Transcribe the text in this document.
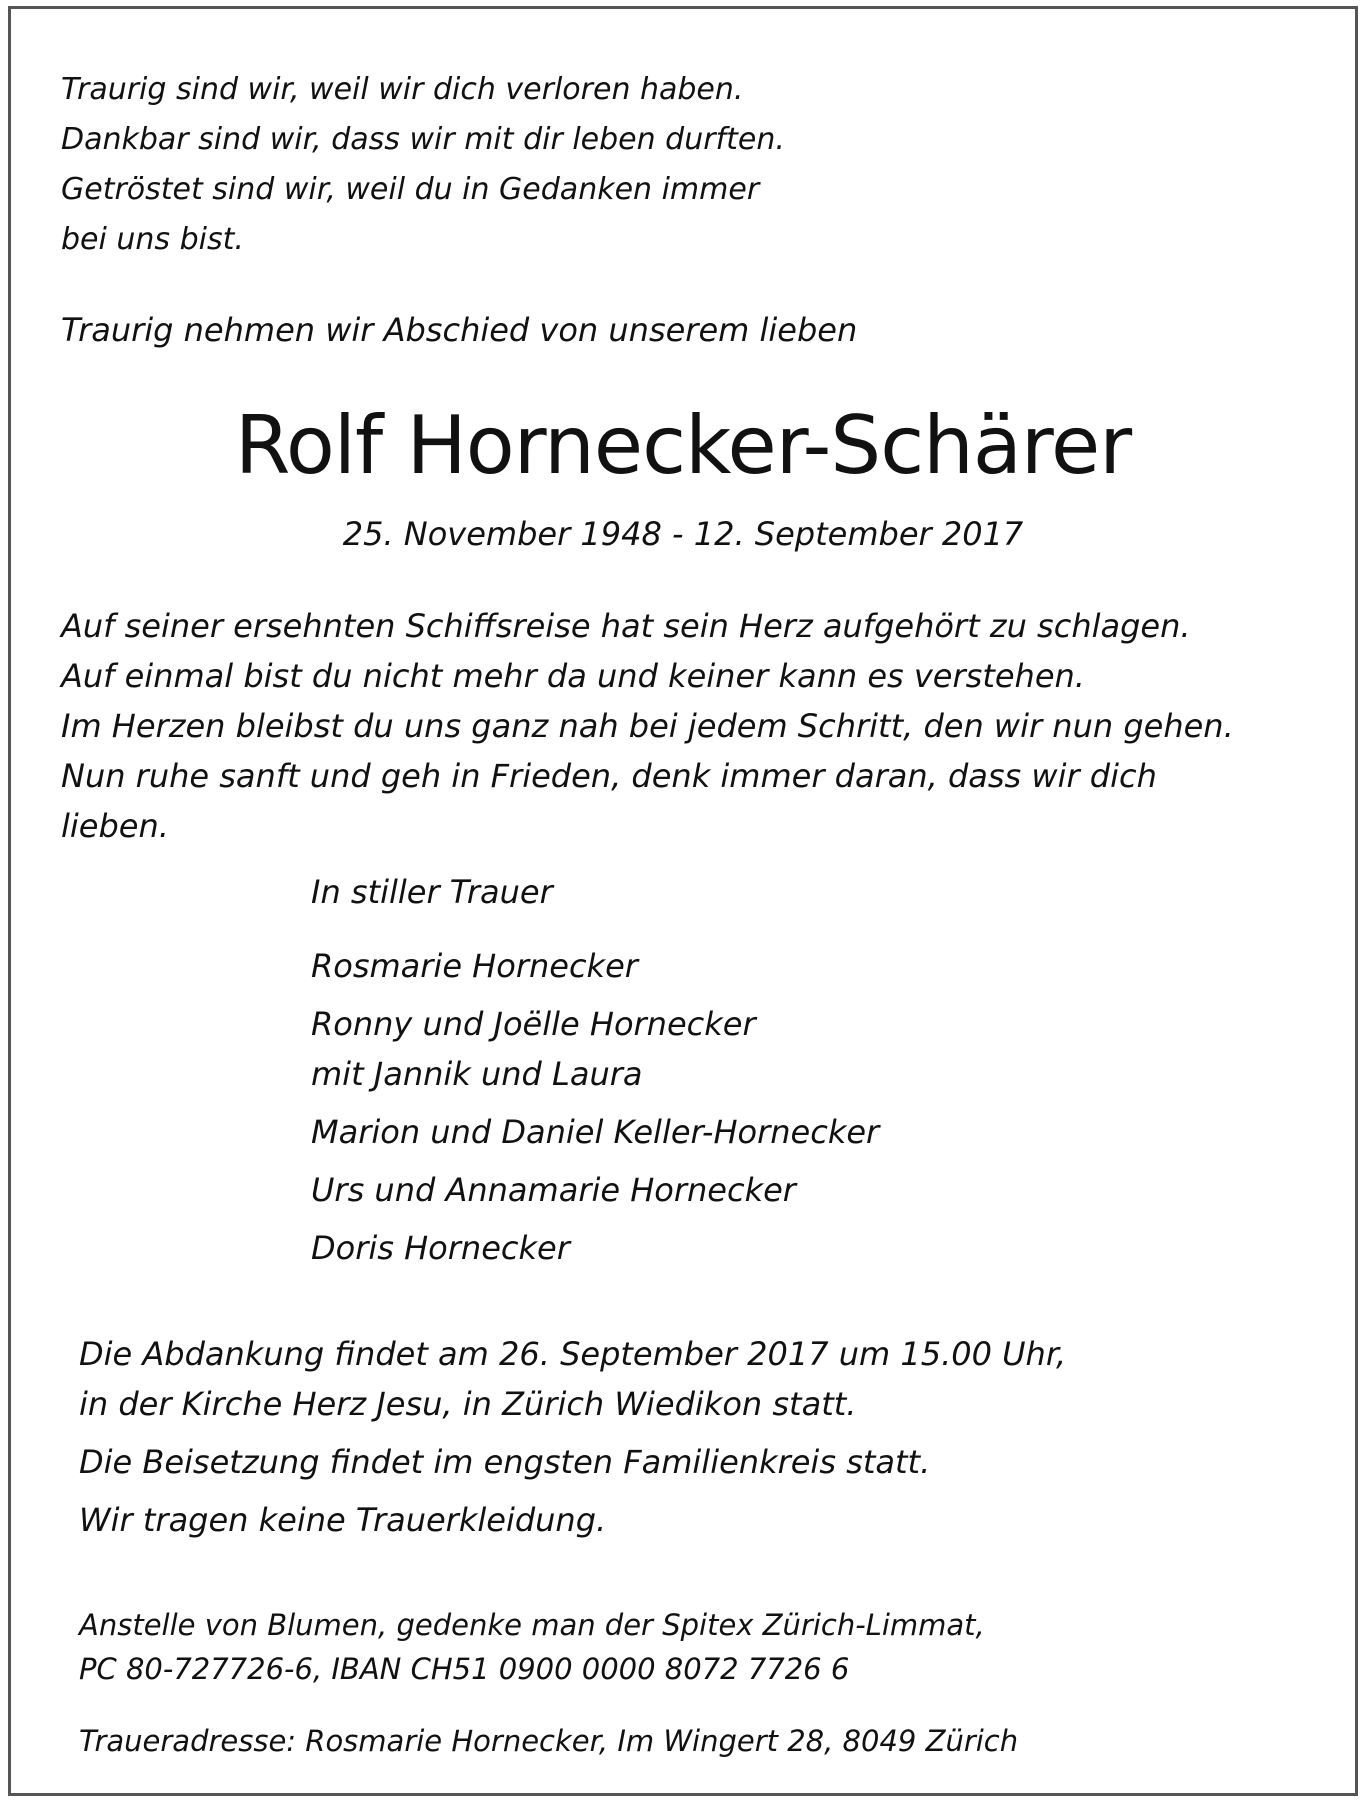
Traurig sind wir, weil wir dich verloren haben.

Dankbar sind wir, dass wir mit dir leben durften.

Getröstet sind wir, weil du in Gedanken immer

bei uns bist.

Traurig nehmen wir Abschied von unserem lieben

Rolf Hornecker-Schärer

25. November 1948 - 12. September 2017

Auf seiner ersehnten Schiffsreise hat sein Herz aufgehört zu schlagen.

Auf einmal bist du nicht mehr da und keiner kann es verstehen.

Im Herzen bleibst du uns ganz nah bei jedem Schritt, den wir nun gehen.

Nun ruhe sanft und geh in Frieden, denk immer daran, dass wir dich

lieben.

In stiller Trauer

Rosmarie Hornecker

Ronny und Joëlle Hornecker

mit Jannik und Laura

Marion und Daniel Keller-Hornecker

Urs und Annamarie Hornecker

Doris Hornecker

Die Abdankung findet am 26. September 2017 um 15.00 Uhr,

in der Kirche Herz Jesu, in Zürich Wiedikon statt.

Die Beisetzung findet im engsten Familienkreis statt.

Wir tragen keine Trauerkleidung.

Anstelle von Blumen, gedenke man der Spitex Zürich-Limmat,

PC 80-727726-6, IBAN CH51 0900 0000 8072 7726 6

Traueradresse: Rosmarie Hornecker, Im Wingert 28, 8049 Zürich
